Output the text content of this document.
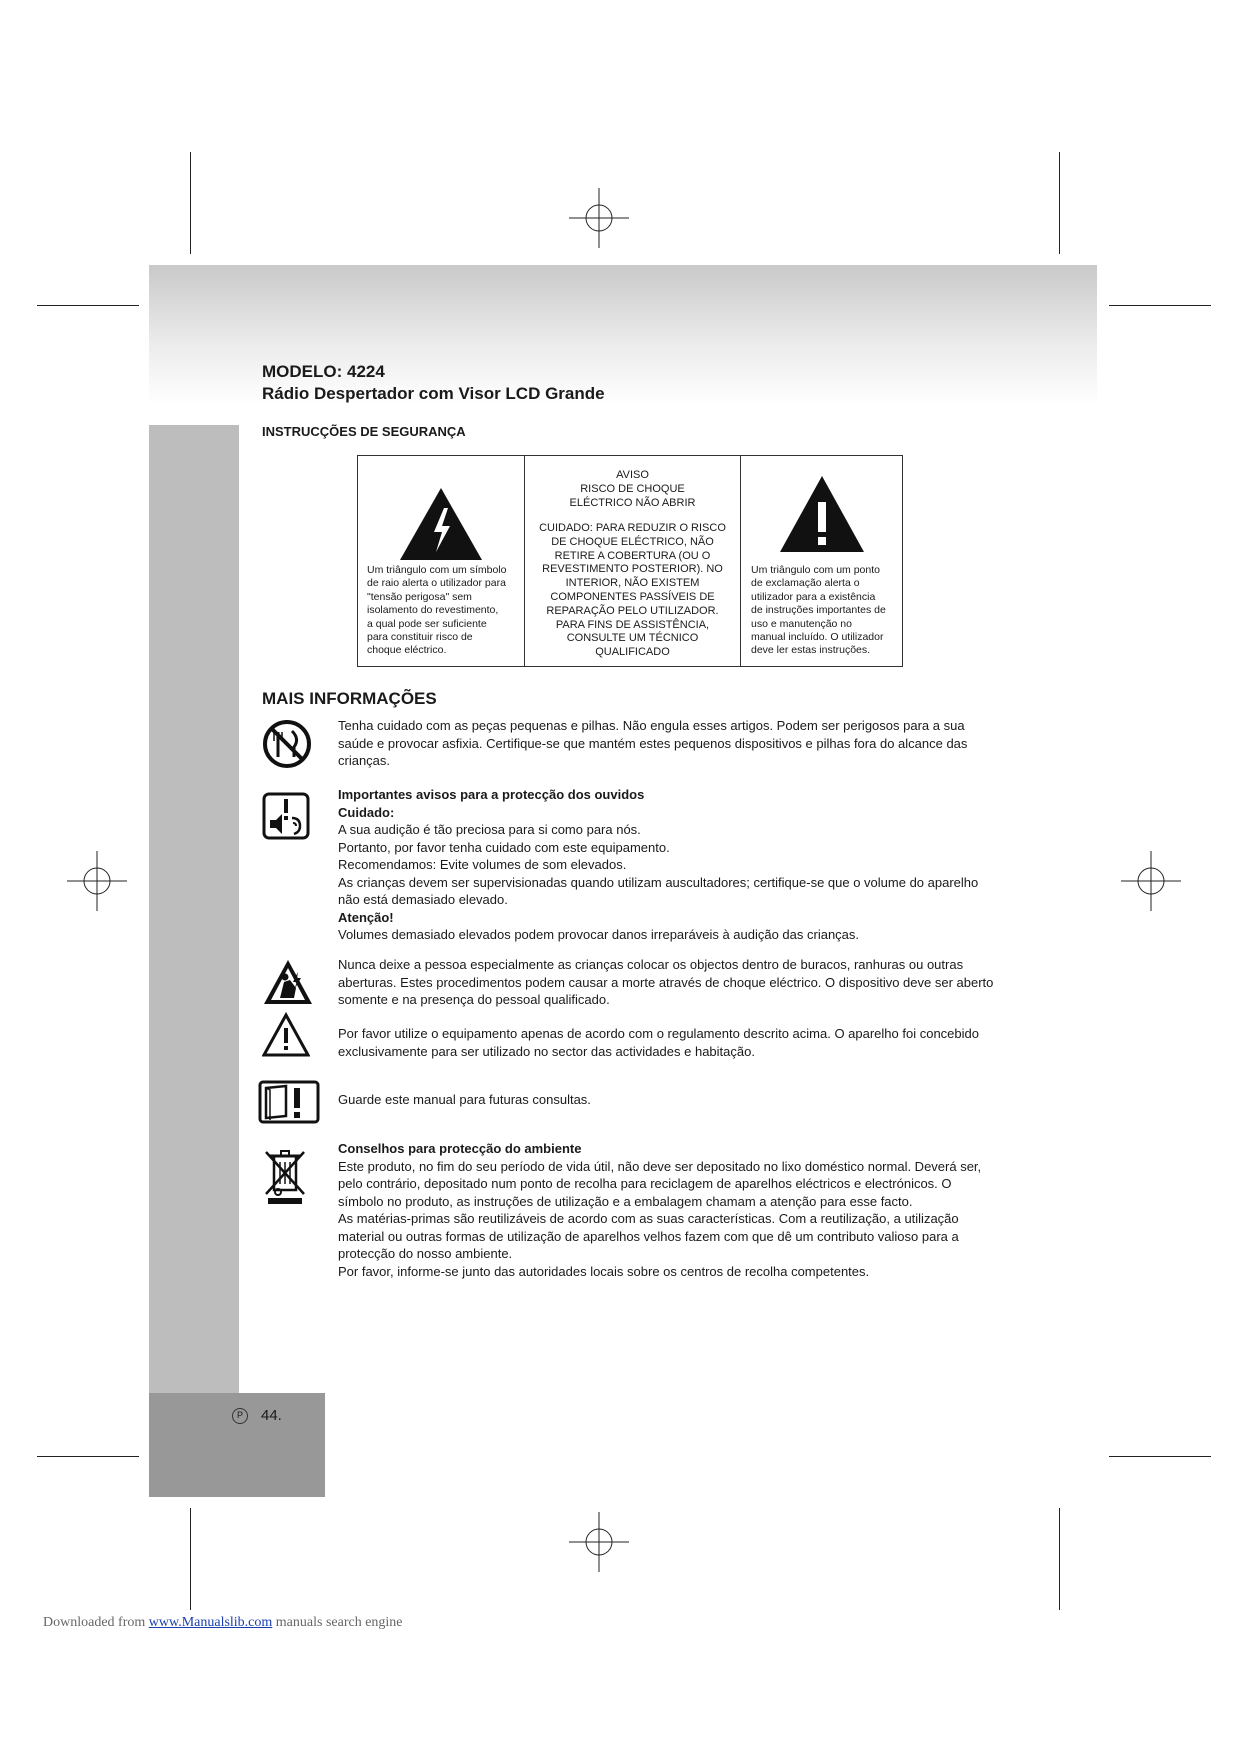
MODELO: 4224
Rádio Despertador com Visor LCD Grande
INSTRUCÇÕES DE SEGURANÇA
Um triângulo com um símbolo
de raio alerta o utilizador para
"tensão perigosa" sem
isolamento do revestimento,
a qual pode ser suficiente
para constituir risco de
choque eléctrico.
AVISO
RISCO DE CHOQUE
ELÉCTRICO NÃO ABRIR
CUIDADO: PARA REDUZIR O RISCO
DE CHOQUE ELÉCTRICO, NÃO
RETIRE A COBERTURA (OU O
REVESTIMENTO POSTERIOR). NO
INTERIOR, NÃO EXISTEM
COMPONENTES PASSÍVEIS DE
REPARAÇÃO PELO UTILIZADOR.
PARA FINS DE ASSISTÊNCIA,
CONSULTE UM TÉCNICO
QUALIFICADO
Um triângulo com um ponto
de exclamação alerta o
utilizador para a existência
de instruções importantes de
uso e manutenção no
manual incluído. O utilizador
deve ler estas instruções.
MAIS INFORMAÇÕES
Tenha cuidado com as peças pequenas e pilhas. Não engula esses artigos. Podem ser perigosos para a sua saúde e provocar asfixia. Certifique-se que mantém estes pequenos dispositivos e pilhas fora do alcance das crianças.
Importantes avisos para a protecção dos ouvidos
Cuidado:
A sua audição é tão preciosa para si como para nós.
Portanto, por favor tenha cuidado com este equipamento.
Recomendamos: Evite volumes de som elevados.
As crianças devem ser supervisionadas quando utilizam auscultadores; certifique-se que o volume do aparelho não está demasiado elevado.
Atenção!
Volumes demasiado elevados podem provocar danos irreparáveis à audição das crianças.
Nunca deixe a pessoa especialmente as crianças colocar os objectos dentro de buracos, ranhuras ou outras aberturas. Estes procedimentos podem causar a morte através de choque eléctrico. O dispositivo deve ser aberto somente e na presença do pessoal qualificado.
Por favor utilize o equipamento apenas de acordo com o regulamento descrito acima. O aparelho foi concebido exclusivamente para ser utilizado no sector das actividades e habitação.
Guarde este manual para futuras consultas.
Conselhos para protecção do ambiente
Este produto, no fim do seu período de vida útil, não deve ser depositado no lixo doméstico normal. Deverá ser, pelo contrário, depositado num ponto de recolha para reciclagem de aparelhos eléctricos e electrónicos. O símbolo no produto, as instruções de utilização e a embalagem chamam a atenção para esse facto.
As matérias-primas são reutilizáveis de acordo com as suas características. Com a reutilização, a utilização material ou outras formas de utilização de aparelhos velhos fazem com que dê um contributo valioso para a protecção do nosso ambiente.
Por favor, informe-se junto das autoridades locais sobre os centros de recolha competentes.
P	44.
Downloaded from www.Manualslib.com manuals search engine
